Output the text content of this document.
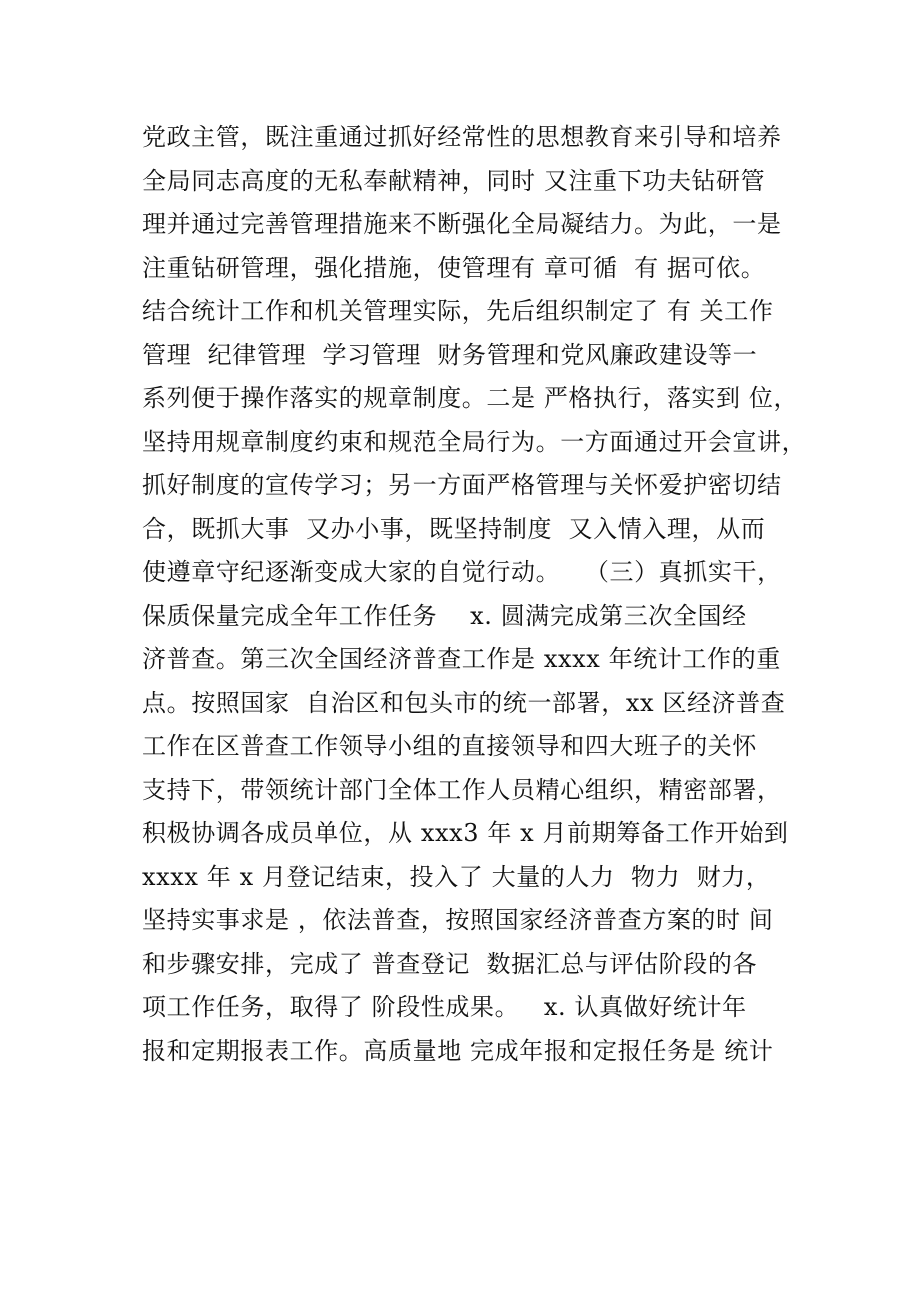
党政主管，既注重通过抓好经常性的思想教育来引导和培养
全局同志高度的无私奉献精神，同时 又注重下功夫钻研管
理并通过完善管理措施来不断强化全局凝结力。为此，一是
注重钻研管理，强化措施，使管理有 章可循  有 据可依。
结合统计工作和机关管理实际，先后组织制定了 有 关工作
管理  纪律管理  学习管理  财务管理和党风廉政建设等一
系列便于操作落实的规章制度。二是 严格执行，落实到 位，
坚持用规章制度约束和规范全局行为。一方面通过开会宣讲，
抓好制度的宣传学习；另一方面严格管理与关怀爱护密切结
合，既抓大事  又办小事，既坚持制度  又入情入理，从而
使遵章守纪逐渐变成大家的自觉行动。   （三）真抓实干，
保质保量完成全年工作任务    x. 圆满完成第三次全国经
济普查。第三次全国经济普查工作是 xxxx 年统计工作的重
点。按照国家  自治区和包头市的统一部署，xx 区经济普查
工作在区普查工作领导小组的直接领导和四大班子的关怀
支持下，带领统计部门全体工作人员精心组织，精密部署，
积极协调各成员单位，从 xxx3 年 x 月前期筹备工作开始到
xxxx 年 x 月登记结束，投入了 大量的人力  物力  财力，
坚持实事求是 ，依法普查，按照国家经济普查方案的时 间
和步骤安排，完成了 普查登记  数据汇总与评估阶段的各
项工作任务，取得了 阶段性成果。   x. 认真做好统计年
报和定期报表工作。高质量地 完成年报和定报任务是 统计
